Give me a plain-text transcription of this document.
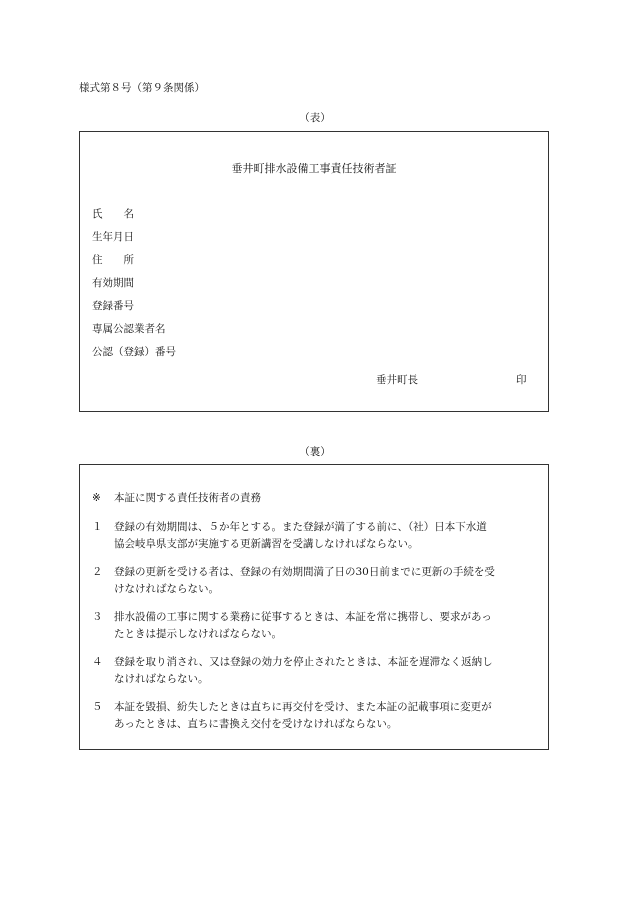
様式第８号（第９条関係）
（表）
垂井町排水設備工事責任技術者証
氏　　名
生年月日
住　　所
有効期間
登録番号
専属公認業者名
公認（登録）番号
垂井町長	印
（裏）
※ 本証に関する責任技術者の責務
１	登録の有効期間は、５か年とする。また登録が満了する前に、（社）日本下水道
協会岐阜県支部が実施する更新講習を受講しなければならない。
２	登録の更新を受ける者は、登録の有効期間満了日の30日前までに更新の手続を受
けなければならない。
３	排水設備の工事に関する業務に従事するときは、本証を常に携帯し、要求があっ
たときは提示しなければならない。
４	登録を取り消され、又は登録の効力を停止されたときは、本証を遅滞なく返納し
なければならない。
５	本証を毀損、紛失したときは直ちに再交付を受け、また本証の記載事項に変更が
あったときは、直ちに書換え交付を受けなければならない。
